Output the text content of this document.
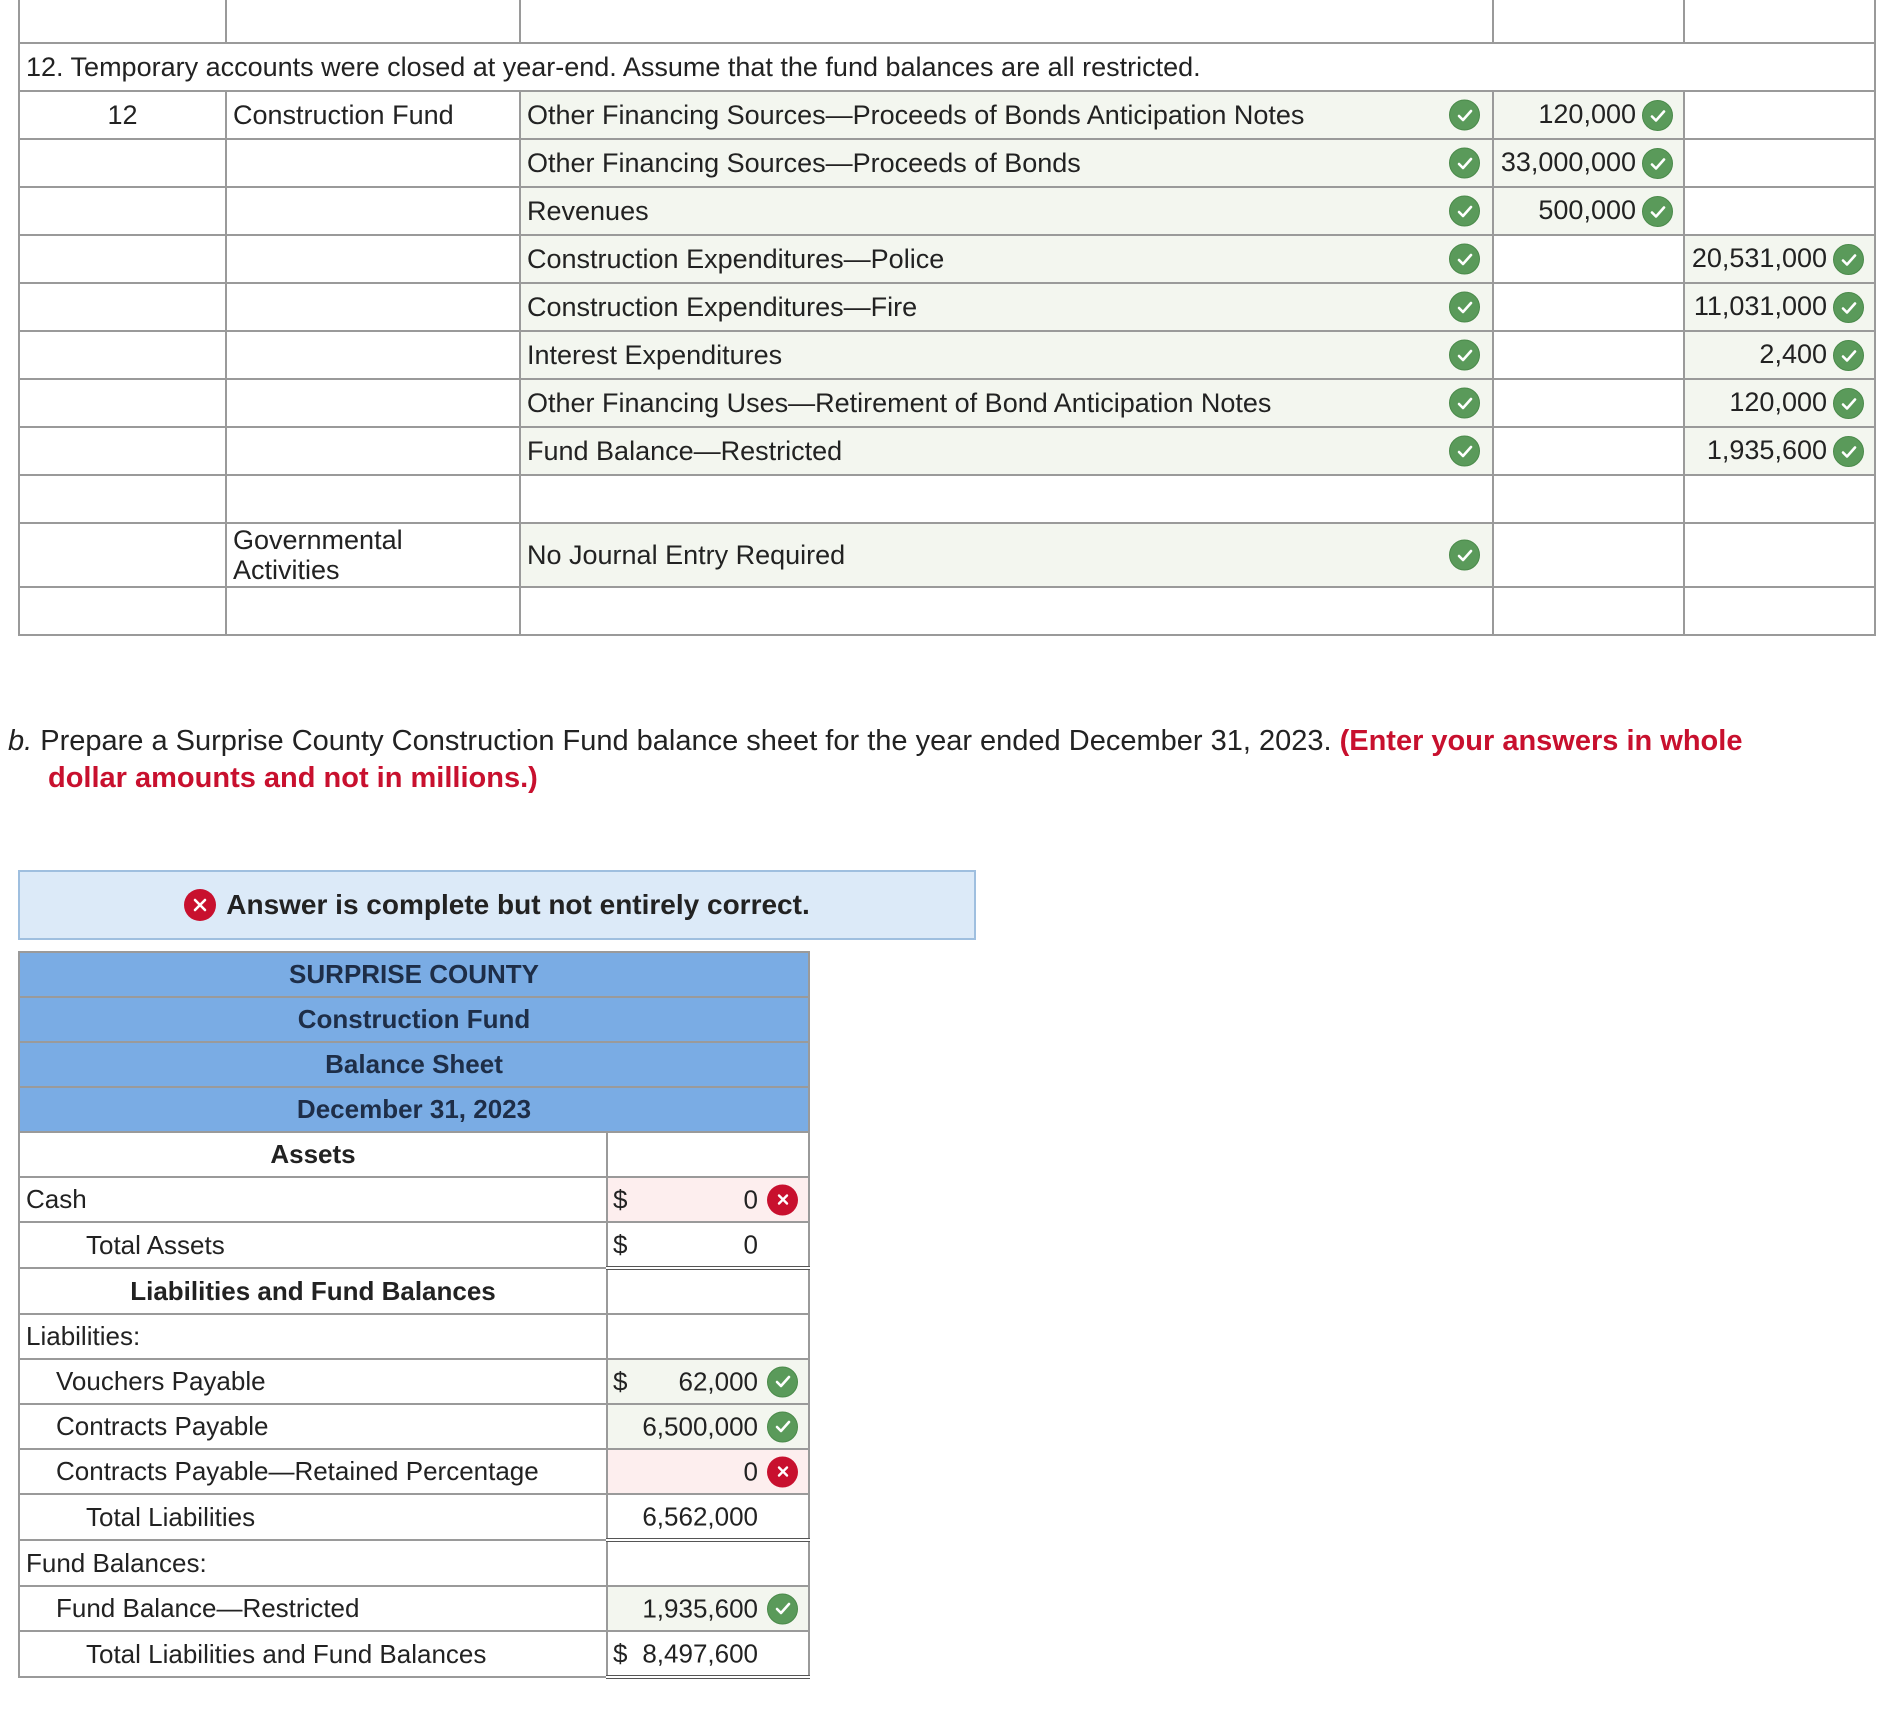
12. Temporary accounts were closed at year-end. Assume that the fund balances are all restricted.				
12	Construction Fund	Other Financing Sources—Proceeds of Bonds Anticipation Notes	120,000

		Other Financing Sources—Proceeds of Bonds	33,000,000

		Revenues	500,000

		Construction Expenditures—Police		20,531,000

		Construction Expenditures—Fire		11,031,000

		Interest Expenditures		2,400

		Other Financing Uses—Retirement of Bond Anticipation Notes		120,000

		Fund Balance—Restricted		1,935,600

	Governmental Activities	No Journal Entry Required

b. Prepare a Surprise County Construction Fund balance sheet for the year ended December 31, 2023. (Enter your answers in whole
dollar amounts and not in millions.)
Answer is complete but not entirely correct.
SURPRISE COUNTY	
Construction Fund	
Balance Sheet	
December 31, 2023	
Assets	
Cash	$ 0

Total Assets	$ 0

Liabilities and Fund Balances	
Liabilities:	
Vouchers Payable	$ 62,000

Contracts Payable	6,500,000

Contracts Payable—Retained Percentage	0

Total Liabilities	6,562,000

Fund Balances:	
Fund Balance—Restricted	1,935,600

Total Liabilities and Fund Balances	$ 8,497,600
